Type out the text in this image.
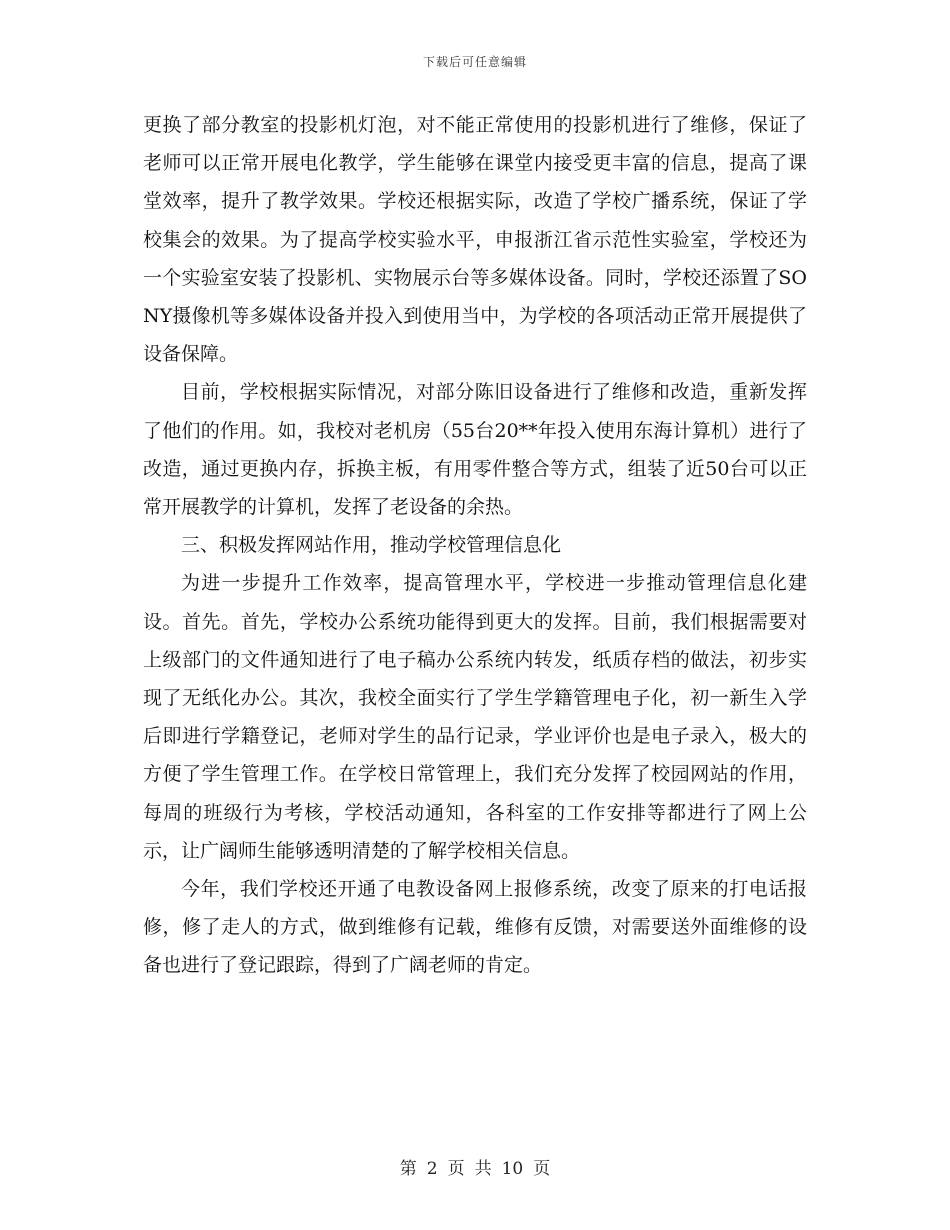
下载后可任意编辑

更换了部分教室的投影机灯泡，对不能正常使用的投影机进行了维修，保证了老师可以正常开展电化教学，学生能够在课堂内接受更丰富的信息，提高了课堂效率，提升了教学效果。学校还根据实际，改造了学校广播系统，保证了学校集会的效果。为了提高学校实验水平，申报浙江省示范性实验室，学校还为一个实验室安装了投影机、实物展示台等多媒体设备。同时，学校还添置了SONY摄像机等多媒体设备并投入到使用当中，为学校的各项活动正常开展提供了设备保障。

目前，学校根据实际情况，对部分陈旧设备进行了维修和改造，重新发挥了他们的作用。如，我校对老机房（55台20**年投入使用东海计算机）进行了改造，通过更换内存，拆换主板，有用零件整合等方式，组装了近50台可以正常开展教学的计算机，发挥了老设备的余热。

三、积极发挥网站作用，推动学校管理信息化

为进一步提升工作效率，提高管理水平，学校进一步推动管理信息化建设。首先。首先，学校办公系统功能得到更大的发挥。目前，我们根据需要对上级部门的文件通知进行了电子稿办公系统内转发，纸质存档的做法，初步实现了无纸化办公。其次，我校全面实行了学生学籍管理电子化，初一新生入学后即进行学籍登记，老师对学生的品行记录，学业评价也是电子录入，极大的方便了学生管理工作。在学校日常管理上，我们充分发挥了校园网站的作用，每周的班级行为考核，学校活动通知，各科室的工作安排等都进行了网上公示，让广阔师生能够透明清楚的了解学校相关信息。

今年，我们学校还开通了电教设备网上报修系统，改变了原来的打电话报修，修了走人的方式，做到维修有记载，维修有反馈，对需要送外面维修的设备也进行了登记跟踪，得到了广阔老师的肯定。

第 2 页 共 10 页
